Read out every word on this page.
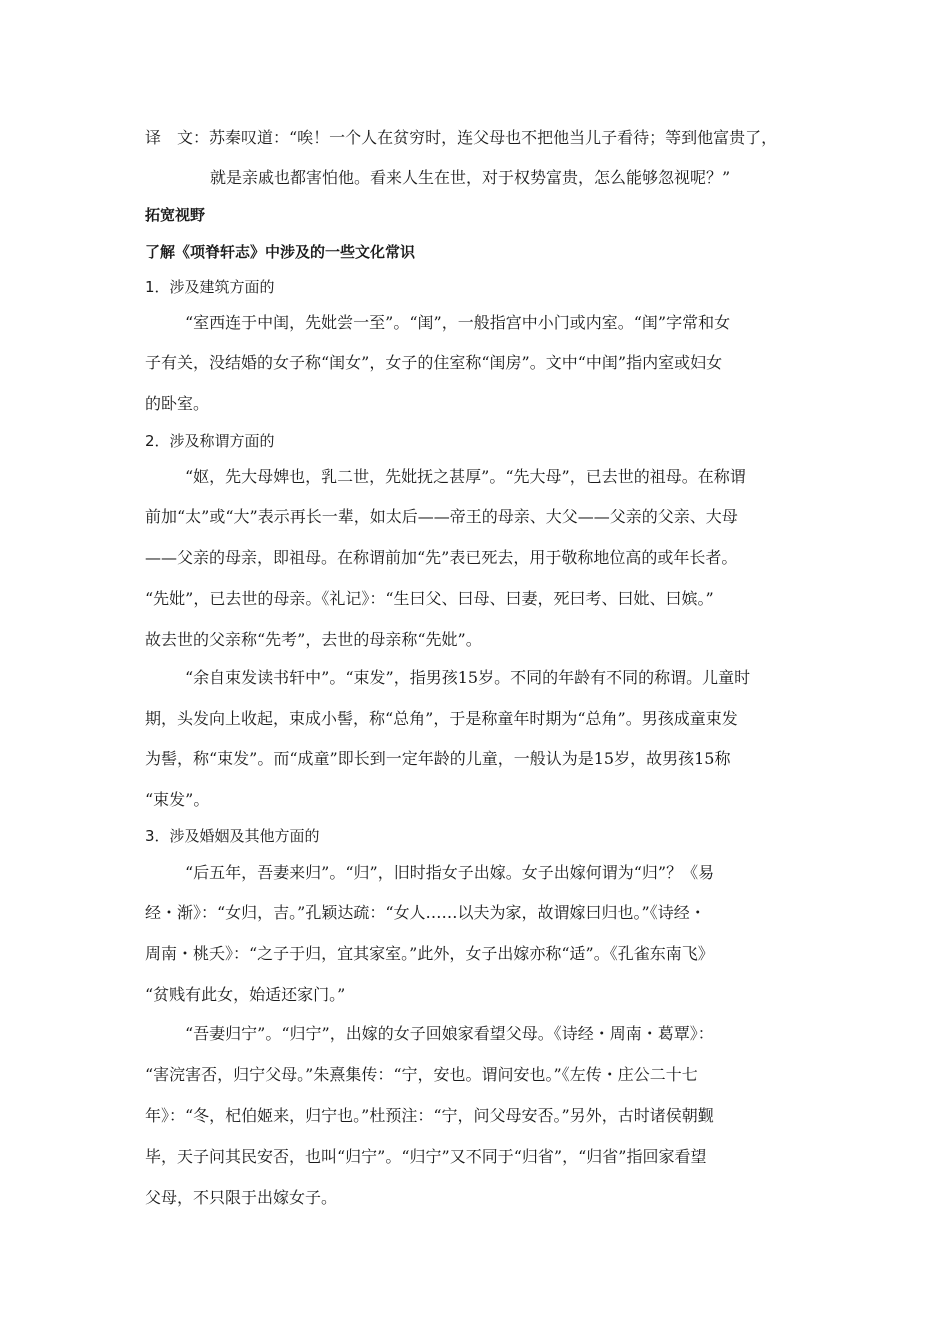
译　文：苏秦叹道：“唉！一个人在贫穷时，连父母也不把他当儿子看待；等到他富贵了，
就是亲戚也都害怕他。看来人生在世，对于权势富贵，怎么能够忽视呢？”
拓宽视野
了解《项脊轩志》中涉及的一些文化常识
1．涉及建筑方面的
“室西连于中闺，先妣尝一至”。“闺”，一般指宫中小门或内室。“闺”字常和女
子有关，没结婚的女子称“闺女”，女子的住室称“闺房”。文中“中闺”指内室或妇女
的卧室。
2．涉及称谓方面的
“妪，先大母婢也，乳二世，先妣抚之甚厚”。“先大母”，已去世的祖母。在称谓
前加“太”或“大”表示再长一辈，如太后——帝王的母亲、大父——父亲的父亲、大母
——父亲的母亲，即祖母。在称谓前加“先”表已死去，用于敬称地位高的或年长者。
“先妣”，已去世的母亲。《礼记》：“生曰父、曰母、曰妻，死曰考、曰妣、曰嫔。”
故去世的父亲称“先考”，去世的母亲称“先妣”。
“余自束发读书轩中”。“束发”，指男孩15岁。不同的年龄有不同的称谓。儿童时
期，头发向上收起，束成小髻，称“总角”，于是称童年时期为“总角”。男孩成童束发
为髻，称“束发”。而“成童”即长到一定年龄的儿童，一般认为是15岁，故男孩15称
“束发”。
3．涉及婚姻及其他方面的
“后五年，吾妻来归”。“归”，旧时指女子出嫁。女子出嫁何谓为“归”？《易
经・渐》：“女归，吉。”孔颖达疏：“女人……以夫为家，故谓嫁曰归也。”《诗经・
周南・桃夭》：“之子于归，宜其家室。”此外，女子出嫁亦称“适”。《孔雀东南飞》
“贫贱有此女，始适还家门。”
“吾妻归宁”。“归宁”，出嫁的女子回娘家看望父母。《诗经・周南・葛覃》：
“害浣害否，归宁父母。”朱熹集传：“宁，安也。谓问安也。”《左传・庄公二十七
年》：“冬，杞伯姬来，归宁也。”杜预注：“宁，问父母安否。”另外，古时诸侯朝觐
毕，天子问其民安否，也叫“归宁”。“归宁”又不同于“归省”，“归省”指回家看望
父母，不只限于出嫁女子。
